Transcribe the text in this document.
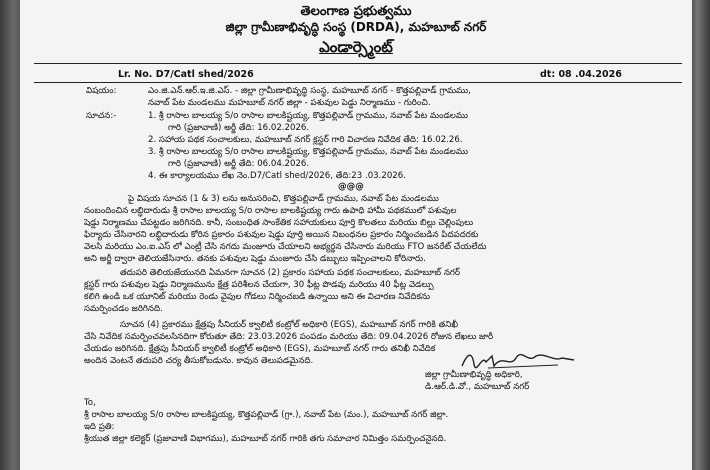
తెలంగాణ ప్రభుత్వము
జిల్లా గ్రామీణాభివృద్ధి సంస్థ (DRDA), మహబూబ్ నగర్
ఎండార్స్మెంట్
Lr. No. D7/Catl shed/2026	dt: 08 .04.2026
విషయం:	ఎం.జి.ఎన్.ఆర్.ఇ.జి.ఎస్. - జిల్లా గ్రామీణాభివృద్ధి సంస్థ, మహబూబ్ నగర్ - కొత్తపల్లివాడ్ గ్రామము,
నవాబ్ పేట మండలము మహబూబ్ నగర్ జిల్లా - పశువుల పెడ్డు నిర్మాణము - గురించి.
సూచన:-	1. శ్రీ రాసాల బాలయ్య S/o రాసాల బాలకిష్టయ్య, కొత్తపల్లివాడ్ గ్రామము, నవాబ్ పేట మండలము
గారి (ప్రజావాణి) అర్జీ తేది: 16.02.2026.
2. సహాయ పథక సంచాలకులు, మహబూబ్ నగర్ క్లస్టర్ గారి విచారణ నివేదిక తేది: 16.02.26.
3. శ్రీ రాసాల బాలయ్య S/o రాసాల బాలకిష్టయ్య, కొత్తపల్లివాడ్ గ్రామము, నవాబ్ పేట మండలము
గారి (ప్రజావాణి) అర్జీ తేది: 06.04.2026.
4. ఈ కార్యాలయము లేఖ నెం.D7/Catl shed/2026, తేది:23 .03.2026.
@@@
పై విషయ సూచన (1 & 3) లను అనుసరించి, కొత్తపల్లివాడ్ గ్రామము, నవాబ్ పేట మండలము
నంబందించిన లబ్ధిదారుడు శ్రీ రాసాల బాలయ్య S/o రాసాల బాలకిష్టయ్య గారు ఉపాధి హామీ పథకములో పశువుల
షెడ్డు నిర్మాణము చేపట్టడం జరిగినది. కానీ, సంబంధిత సాంకేతిక సహాయకులు పూర్తి కొలతలు మరియు బిల్లు చెల్లింపులు
ఫిర్యాదు చేసినారని లబ్ధిదారుడు కోరిన ప్రకారం పశువుల షెడ్డు పూర్తి అయిన నిబంధనల ప్రకారం నిర్మించబడిన పిదపదరకు
వెలసి మరియు ఎం.ఐ.ఎస్ లో ఎంట్రీ చేసి నగదు మంజూరు చేయాలని అభ్యర్థన చేసినారు మరియు FTO జనరేట్ చేయలేదు
అని అర్జీ ద్వారా తెలియజేసినారు. తనకు పశువుల షెడ్డు మంజూరు చేసి డబ్బులు ఇప్పించాలని కోరినారు.
తదుపరి తెలియజేయునది ఏమనగా సూచన (2) ప్రకారం సహాయ పథక సంచాలకులు, మహబూబ్ నగర్
క్లస్టర్ గారు పశువుల షెడ్డు నిర్మాణమును క్షేత్ర పరిశీలన చేయగా, 30 ఫీట్ల పొడవు మరియు 40 ఫీట్ల వెడల్పు
కలిగి ఉండి ఒక యూనిట్ మరియు రెండు వైపుల గోడలు నిర్మించబడి ఉన్నాయి అని ఈ విచారణ నివేదికను
సమర్పించడం జరిగినది.
సూచన (4) ప్రకారము క్షేత్రపు సీనియర్ క్వాలిటీ కంట్రోల్ అధికారి (EGS), మహబూబ్ నగర్ గారికి తనిఖీ
చేసి నివేదిక సమర్పించవలసినదిగా కోరుతూ తేది: 23.03.2026 పంపడం మరియు తేది: 09.04.2026 రోజున లేఖలు జారీ
చేయడం జరిగినది. క్షేత్రపు సీనియర్ క్వాలిటీ కంట్రోల్ అధికారి (EGS), మహబూబ్ నగర్ గారు తనిఖీ నివేదిక
అందిన వెంటనే తదుపరి చర్య తీసుకోబడును. కావున తెలుపడమైనది.
జిల్లా గ్రామీణాభివృద్ధి అధికారి,
డి.ఆర్.డి.వో., మహబూబ్ నగర్
To,
శ్రీ రాసాల బాలయ్య S/o రాసాల బాలకిష్టయ్య, కొత్తపల్లివాడ్ (గ్రా.), నవాబ్ పేట (మం.), మహబూబ్ నగర్ జిల్లా.
ఇది ప్రతి:
శ్రీయుత జిల్లా కలెక్టర్ (ప్రజావాణి విభాగము), మహబూబ్ నగర్ గారికి తగు సమాచార నిమిత్తం సమర్పించనైనది.
